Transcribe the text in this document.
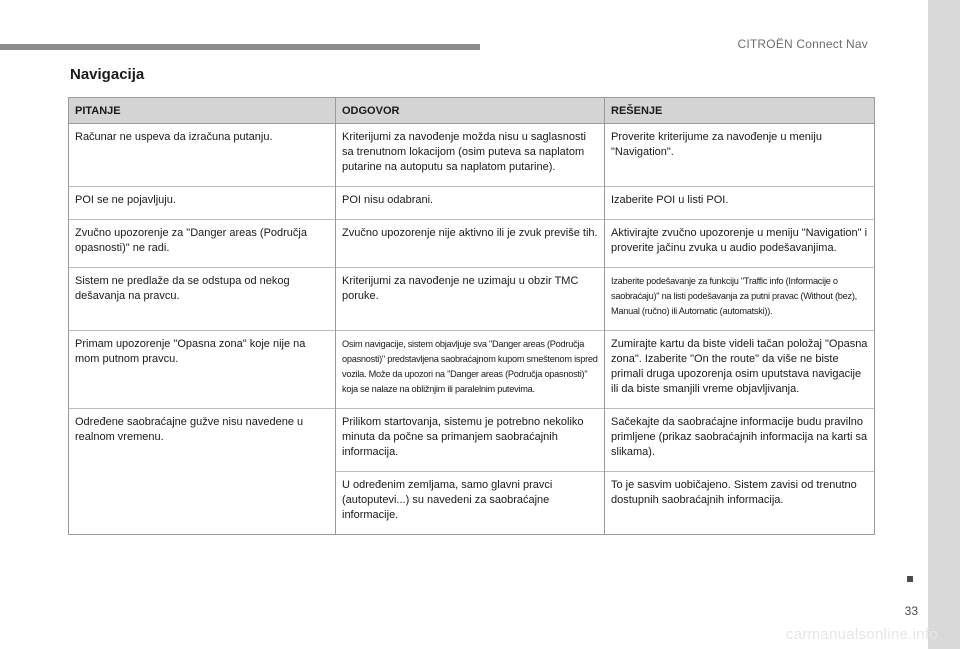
CITROËN Connect Nav
33
Navigacija
PITANJE	ODGOVOR	REŠENJE
Računar ne uspeva da izračuna putanju.	Kriterijumi za navođenje možda nisu u saglasnosti sa trenutnom lokacijom (osim puteva sa naplatom putarine na autoputu sa naplatom putarine).	Proverite kriterijume za navođenje u meniju "Navigation".
POI se ne pojavljuju.	POI nisu odabrani.	Izaberite POI u listi POI.
Zvučno upozorenje za "Danger areas (Područja opasnosti)" ne radi.	Zvučno upozorenje nije aktivno ili je zvuk previše tih.	Aktivirajte zvučno upozorenje u meniju "Navigation" i proverite jačinu zvuka u audio podešavanjima.
Sistem ne predlaže da se odstupa od nekog dešavanja na pravcu.	Kriterijumi za navođenje ne uzimaju u obzir TMC poruke.	Izaberite podešavanje za funkciju "Traffic info (Informacije o saobraćaju)" na listi podešavanja za putni pravac (Without (bez), Manual (ručno) ili Automatic (automatski)).
Primam upozorenje "Opasna zona" koje nije na mom putnom pravcu.	Osim navigacije, sistem objavljuje sva "Danger areas (Područja opasnosti)" predstavljena saobraćajnom kupom smeštenom ispred vozila. Može da upozori na "Danger areas (Područja opasnosti)" koja se nalaze na obližnjim ili paralelnim putevima.	Zumirajte kartu da biste videli tačan položaj "Opasna zona". Izaberite "On the route" da više ne biste primali druga upozorenja osim uputstava navigacije ili da biste smanjili vreme objavljivanja.
Određene saobraćajne gužve nisu navedene u realnom vremenu.	Prilikom startovanja, sistemu je potrebno nekoliko minuta da počne sa primanjem saobraćajnih informacija.	Sačekajte da saobraćajne informacije budu pravilno primljene (prikaz saobraćajnih informacija na karti sa slikama).
	U određenim zemljama, samo glavni pravci (autoputevi...) su navedeni za saobraćajne informacije.	To je sasvim uobičajeno. Sistem zavisi od trenutno dostupnih saobraćajnih informacija.
carmanualsonline.info
